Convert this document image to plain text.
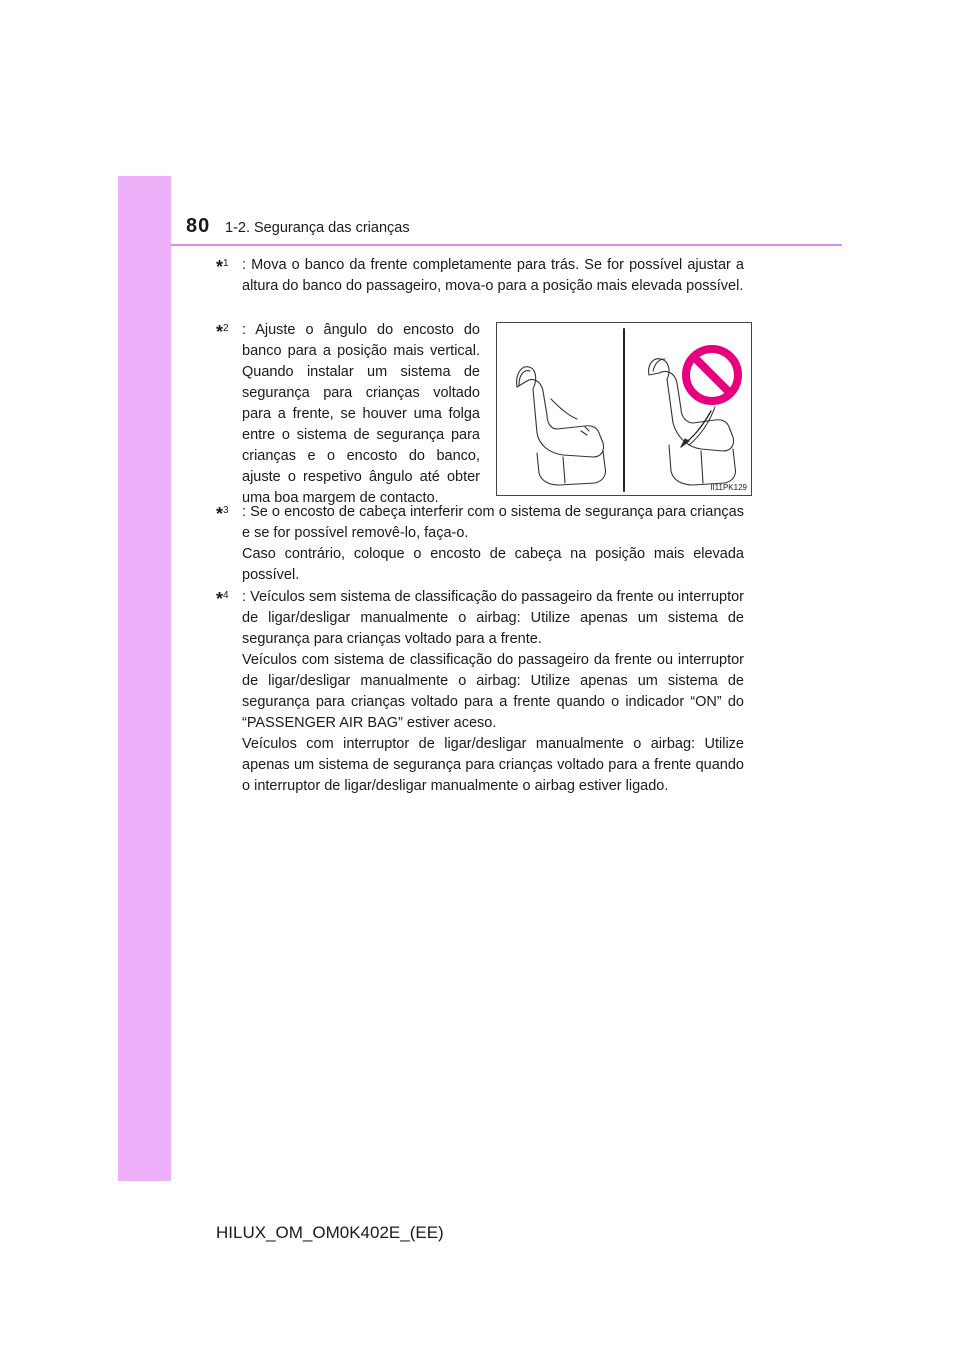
80 1-2. Segurança das crianças
*$^1$ : Mova o banco da frente completamente para trás. Se for possível ajustar a altura do banco do passageiro, mova-o para a posição mais elevada possível.

*$^2$ : Ajuste o ângulo do encosto do banco para a posição mais vertical. Quando instalar um sistema de segurança para crianças voltado para a frente, se houver uma folga entre o sistema de segurança para crianças e o encosto do banco, ajuste o respetivo ângulo até obter uma boa margem de contacto.

II11PK129
*$^3$ : Se o encosto de cabeça interferir com o sistema de segurança para crianças e se for possível removê-lo, faça-o.

Caso contrário, coloque o encosto de cabeça na posição mais elevada possível.

*$^4$ : Veículos sem sistema de classificação do passageiro da frente ou interruptor de ligar/desligar manualmente o airbag: Utilize apenas um sistema de segurança para crianças voltado para a frente.

Veículos com sistema de classificação do passageiro da frente ou interruptor de ligar/desligar manualmente o airbag: Utilize apenas um sistema de segurança para crianças voltado para a frente quando o indicador “ON” do “PASSENGER AIR BAG” estiver aceso.

Veículos com interruptor de ligar/desligar manualmente o airbag: Utilize apenas um sistema de segurança para crianças voltado para a frente quando o interruptor de ligar/desligar manualmente o airbag estiver ligado.

HILUX_OM_OM0K402E_(EE)
